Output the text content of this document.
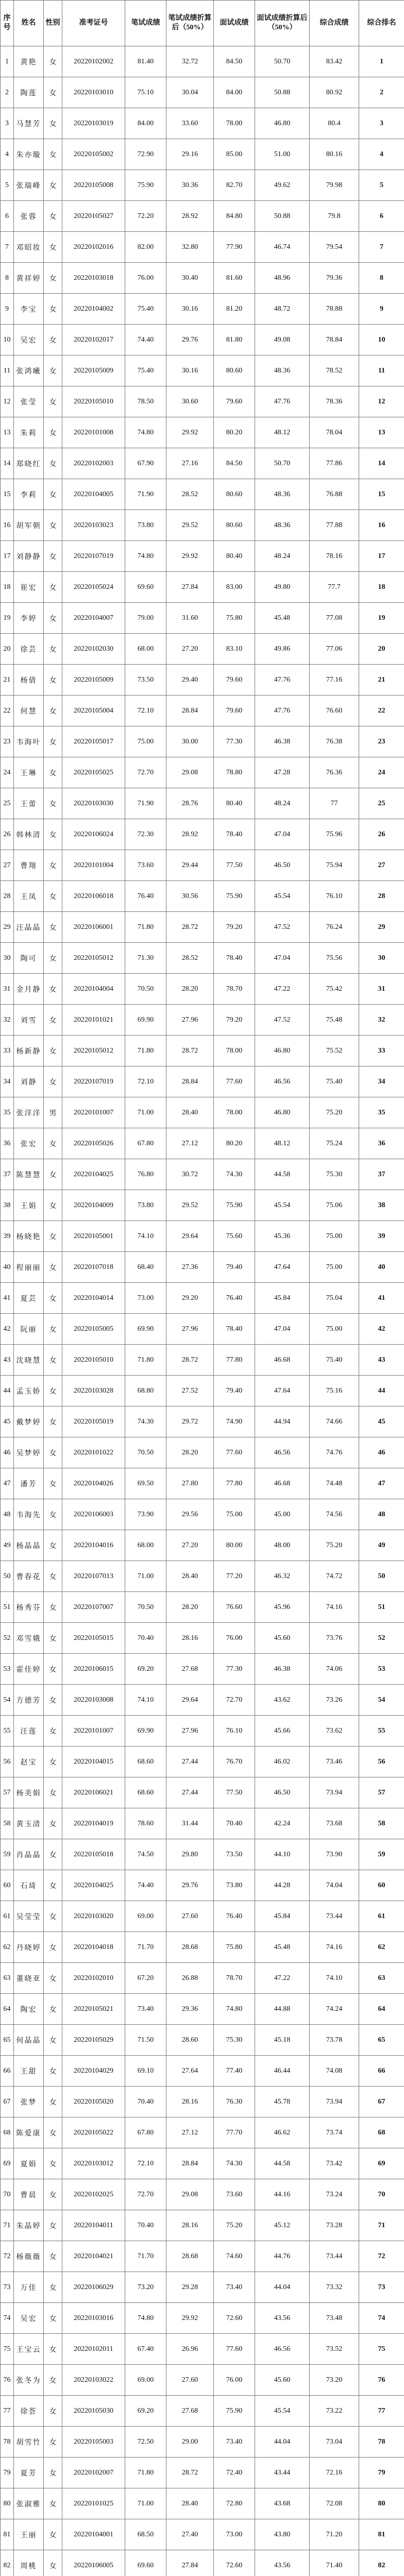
序号	姓名	性别	准考证号	笔试成绩	笔试成绩折算后（50%）	面试成绩	面试成绩折算后（50%）	综合成绩	综合排名
1	黄艳	女	20220102002	81.40	32.72	84.50	50.70	83.42	1
2	陶莲	女	20220103010	75.10	30.04	84.00	50.88	80.92	2
3	马慧芳	女	20220103019	84.00	33.60	78.00	46.80	80.4	3
4	朱亦璇	女	20220105002	72.90	29.16	85.00	51.00	80.16	4
5	张瑞峰	女	20220105008	75.90	30.36	82.70	49.62	79.98	5
6	张蓉	女	20220105027	72.20	28.92	84.80	50.88	79.8	6
7	邓昭妆	女	20220102016	82.00	32.80	77.90	46.74	79.54	7
8	黄祥婷	女	20220103018	76.00	30.40	81.60	48.96	79.36	8
9	李宝	女	20220104002	75.40	30.16	81.20	48.72	78.88	9
10	吴宏	女	20220102017	74.40	29.76	81.80	49.08	78.84	10
11	张鸿曦	女	20220105009	75.40	30.16	80.60	48.36	78.52	11
12	张莹	女	20220105010	78.50	30.60	79.60	47.76	78.36	12
13	朱莉	女	20220101008	74.80	29.92	80.20	48.12	78.04	13
14	郑晓红	女	20220102003	67.90	27.16	84.50	50.70	77.86	14
15	李莉	女	20220104005	71.90	28.52	80.60	48.36	76.88	15
16	胡军朝	女	20220103023	73.80	29.52	80.60	48.36	77.88	16
17	刘静静	女	20220107019	74.80	29.92	80.40	48.24	78.16	17
18	崔宏	女	20220105024	69.60	27.84	83.00	49.80	77.7	18
19	李婷	女	20220104007	79.00	31.60	75.80	45.48	77.08	19
20	徐芸	女	20220102030	68.00	27.20	83.10	49.86	77.06	20
21	杨倩	女	20220105009	73.50	29.40	79.60	47.76	77.16	21
22	何慧	女	20220105004	72.10	28.84	79.60	47.76	76.60	22
23	韦海叶	女	20220105017	75.00	30.00	77.30	46.38	76.38	23
24	王琳	女	20220105025	72.70	29.08	78.80	47.28	76.36	24
25	王蕾	女	20220103030	71.90	28.76	80.40	48.24	77	25
26	韩林清	女	20220106024	72.30	28.92	78.40	47.04	75.96	26
27	曹翔	女	20220101004	73.60	29.44	77.50	46.50	75.94	27
28	王凤	女	20220106018	76.40	30.56	75.90	45.54	76.10	28
29	汪晶晶	女	20220106001	71.80	28.72	79.20	47.52	76.24	29
30	陶可	女	20220105012	71.30	28.52	78.40	47.04	75.56	30
31	金月静	女	20220104004	70.50	28.20	78.70	47.22	75.42	31
32	刘雪	女	20220101021	69.90	27.96	79.20	47.52	75.48	32
33	杨新静	女	20220105012	71.80	28.72	78.00	46.80	75.52	33
34	刘静	女	20220107019	72.10	28.84	77.60	46.56	75.40	34
35	张洋洋	男	20220101007	71.00	28.40	78.00	46.80	75.20	35
36	张宏	女	20220105026	67.80	27.12	80.20	48.12	75.24	36
37	陈慧慧	女	20220104025	76.80	30.72	74.30	44.58	75.30	37
38	王娟	女	20220104009	73.80	29.52	75.90	45.54	75.06	38
39	杨晓艳	女	20220105001	74.10	29.64	75.60	45.36	75.00	39
40	程丽丽	女	20220107018	68.40	27.36	79.40	47.64	75.00	40
41	夏芸	女	20220104014	73.00	29.20	76.40	45.84	75.04	41
42	阮丽	女	20220105005	69.90	27.96	78.40	47.04	75.00	42
43	沈晓慧	女	20220105010	71.80	28.72	77.80	46.68	75.40	43
44	孟玉娇	女	20220103028	68.80	27.52	79.40	47.64	75.16	44
45	戴梦婷	女	20220105019	74.30	29.72	74.90	44.94	74.66	45
46	吴梦婷	女	20220101022	70.50	28.20	77.60	46.56	74.76	46
47	潘芳	女	20220104026	69.50	27.80	77.80	46.68	74.48	47
48	韦海先	女	20220106003	73.90	29.56	75.00	45.00	74.56	48
49	杨晶晶	女	20220104016	68.00	27.20	80.00	48.00	75.20	49
50	曹春花	女	20220107013	71.00	28.40	77.20	46.32	74.72	50
51	杨秀芬	女	20220107007	70.50	28.20	76.60	45.96	74.16	51
52	邓雪娥	女	20220105015	70.40	28.16	76.00	45.60	73.76	52
53	霍佳婷	女	20220106015	69.20	27.68	77.30	46.38	74.06	53
54	方德芳	女	20220103008	74.10	29.64	72.70	43.62	73.26	54
55	汪莲	女	20220101007	69.90	27.96	76.10	45.66	73.62	55
56	赵宝	女	20220104015	68.60	27.44	76.70	46.02	73.46	56
57	杨美娟	女	20220106021	68.60	27.44	77.50	46.50	73.94	57
58	黄玉清	女	20220104019	78.60	31.44	70.40	42.24	73.68	58
59	肖晶晶	女	20220105018	74.50	29.80	73.50	44.10	73.90	59
60	石琦	女	20220104025	74.40	29.76	73.80	44.28	74.04	60
61	吴莹莹	女	20220103020	69.00	27.60	76.40	45.84	73.44	61
62	丹晓婷	女	20220104018	71.70	28.68	75.80	45.48	74.16	62
63	董晓亚	女	20220102010	67.20	26.88	78.70	47.22	74.10	63
64	陶宏	女	20220105021	73.40	29.36	74.80	44.88	74.24	64
65	何晶晶	女	20220105029	71.50	28.60	75.30	45.18	73.78	65
66	王甜	女	20220104029	69.10	27.64	77.40	46.44	74.08	66
67	张梦	女	20220105020	70.40	28.16	76.30	45.78	73.94	67
68	陈爱康	女	20220105022	67.80	27.12	77.70	46.62	73.74	68
69	夏娟	女	20220103012	72.10	28.84	74.30	44.58	73.42	69
70	曹晨	女	20220102025	72.70	29.08	73.60	44.16	73.24	70
71	朱晶婷	女	20220104011	70.40	28.16	75.20	45.12	73.28	71
72	杨薇薇	女	20220104021	71.70	28.68	74.60	44.76	73.44	72
73	万佳	女	20220106029	73.20	29.28	73.40	44.04	73.32	73
74	吴宏	女	20220103016	74.80	29.92	72.60	43.56	73.48	74
75	王宝云	女	20220102011	67.40	26.96	77.60	46.56	73.52	75
76	张冬为	女	20220103022	69.00	27.60	76.00	45.60	73.20	76
77	徐荟	女	20220105030	69.20	27.68	75.90	45.54	73.22	77
78	胡雪竹	女	20220105003	72.50	29.00	73.40	44.04	73.04	78
79	夏芳	女	20220102007	71.80	28.72	72.40	43.44	72.16	79
80	张淑雅	女	20220101025	71.00	28.40	72.80	43.68	72.08	80
81	王丽	女	20220104001	68.50	27.40	73.00	43.80	71.20	81
82	周桃	女	20220106005	69.60	27.84	72.60	43.56	71.40	82
